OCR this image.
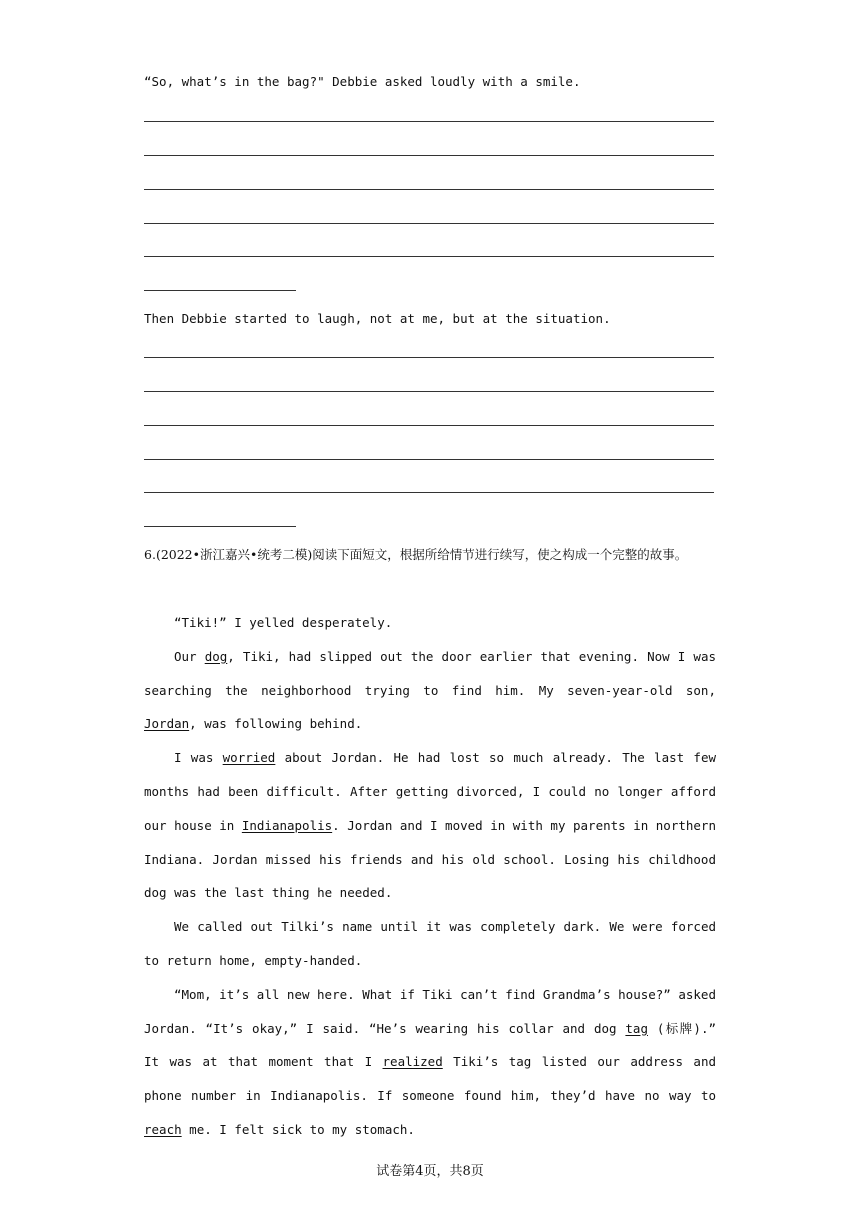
“So, what’s in the bag?" Debbie asked loudly with a smile.
Then Debbie started to laugh, not at me, but at the situation.
6.(2022•浙江嘉兴•统考二模)阅读下面短文，根据所给情节进行续写，使之构成一个完整的故事。
“Tiki!” I yelled desperately.
Our dog, Tiki, had slipped out the door earlier that evening. Now I was searching the neighborhood trying to find him. My seven-year-old son, Jordan, was following behind.
I was worried about Jordan. He had lost so much already. The last few months had been difficult. After getting divorced, I could no longer afford our house in Indianapolis. Jordan and I moved in with my parents in northern Indiana. Jordan missed his friends and his old school. Losing his childhood dog was the last thing he needed.
We called out Tilki’s name until it was completely dark. We were forced to return home, empty-handed.
“Mom, it’s all new here. What if Tiki can’t find Grandma’s house?” asked Jordan. “It’s okay,” I said. “He’s wearing his collar and dog tag (标牌).” It was at that moment that I realized Tiki’s tag listed our address and phone number in Indianapolis. If someone found him, they’d have no way to reach me. I felt sick to my stomach.
试卷第4页，共8页
